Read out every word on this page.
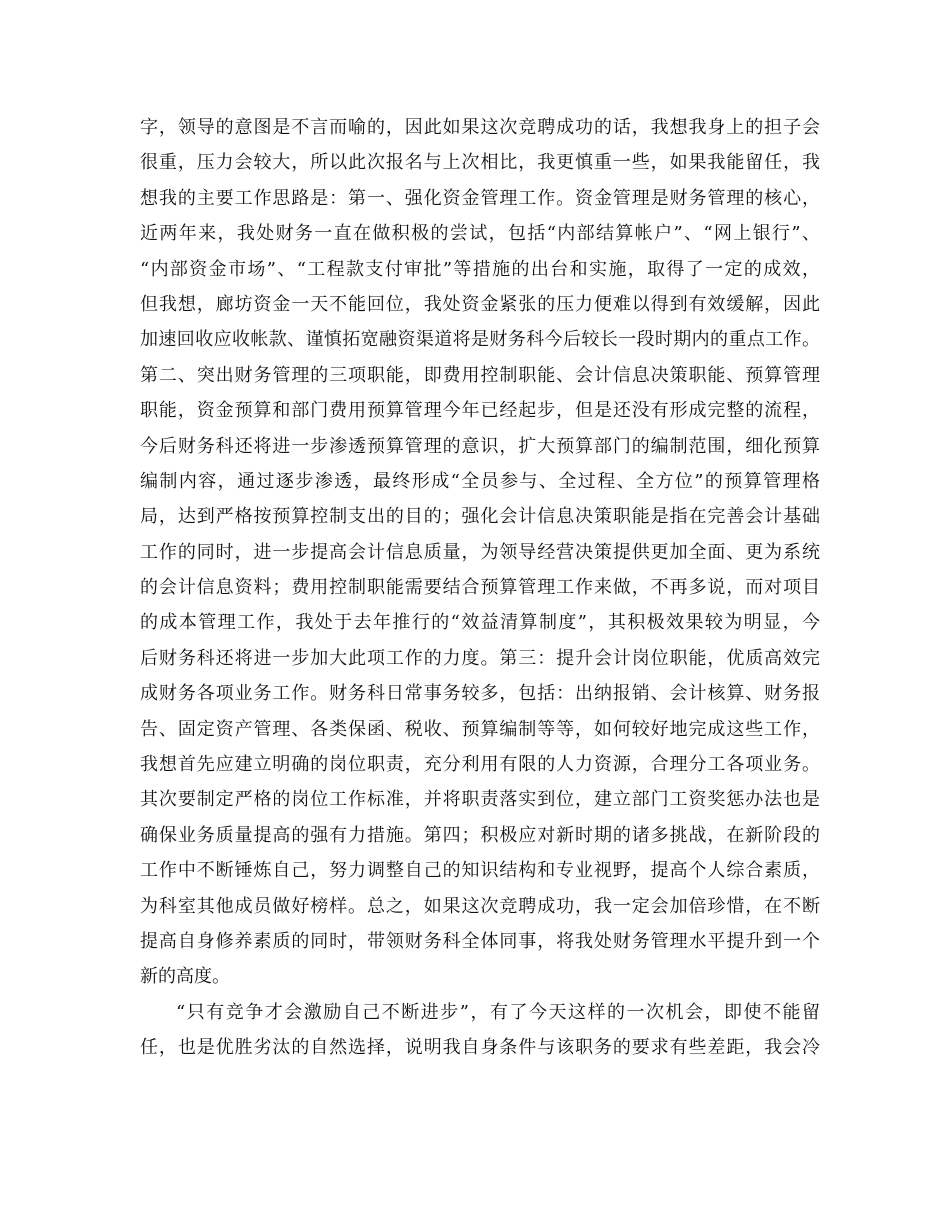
字，领导的意图是不言而喻的，因此如果这次竞聘成功的话，我想我身上的担子会
很重，压力会较大，所以此次报名与上次相比，我更慎重一些，如果我能留任，我
想我的主要工作思路是：第一、强化资金管理工作。资金管理是财务管理的核心，
近两年来，我处财务一直在做积极的尝试，包括“内部结算帐户”、“网上银行”、
“内部资金市场”、“工程款支付审批”等措施的出台和实施，取得了一定的成效，
但我想，廊坊资金一天不能回位，我处资金紧张的压力便难以得到有效缓解，因此
加速回收应收帐款、谨慎拓宽融资渠道将是财务科今后较长一段时期内的重点工作。
第二、突出财务管理的三项职能，即费用控制职能、会计信息决策职能、预算管理
职能，资金预算和部门费用预算管理今年已经起步，但是还没有形成完整的流程，
今后财务科还将进一步渗透预算管理的意识，扩大预算部门的编制范围，细化预算
编制内容，通过逐步渗透，最终形成“全员参与、全过程、全方位”的预算管理格
局，达到严格按预算控制支出的目的；强化会计信息决策职能是指在完善会计基础
工作的同时，进一步提高会计信息质量，为领导经营决策提供更加全面、更为系统
的会计信息资料；费用控制职能需要结合预算管理工作来做，不再多说，而对项目
的成本管理工作，我处于去年推行的“效益清算制度”，其积极效果较为明显，今
后财务科还将进一步加大此项工作的力度。第三：提升会计岗位职能，优质高效完
成财务各项业务工作。财务科日常事务较多，包括：出纳报销、会计核算、财务报
告、固定资产管理、各类保函、税收、预算编制等等，如何较好地完成这些工作，
我想首先应建立明确的岗位职责，充分利用有限的人力资源，合理分工各项业务。
其次要制定严格的岗位工作标准，并将职责落实到位，建立部门工资奖惩办法也是
确保业务质量提高的强有力措施。第四；积极应对新时期的诸多挑战，在新阶段的
工作中不断锤炼自己，努力调整自己的知识结构和专业视野，提高个人综合素质，
为科室其他成员做好榜样。总之，如果这次竞聘成功，我一定会加倍珍惜，在不断
提高自身修养素质的同时，带领财务科全体同事，将我处财务管理水平提升到一个
新的高度。
“只有竞争才会激励自己不断进步”，有了今天这样的一次机会，即使不能留
任，也是优胜劣汰的自然选择，说明我自身条件与该职务的要求有些差距，我会冷
